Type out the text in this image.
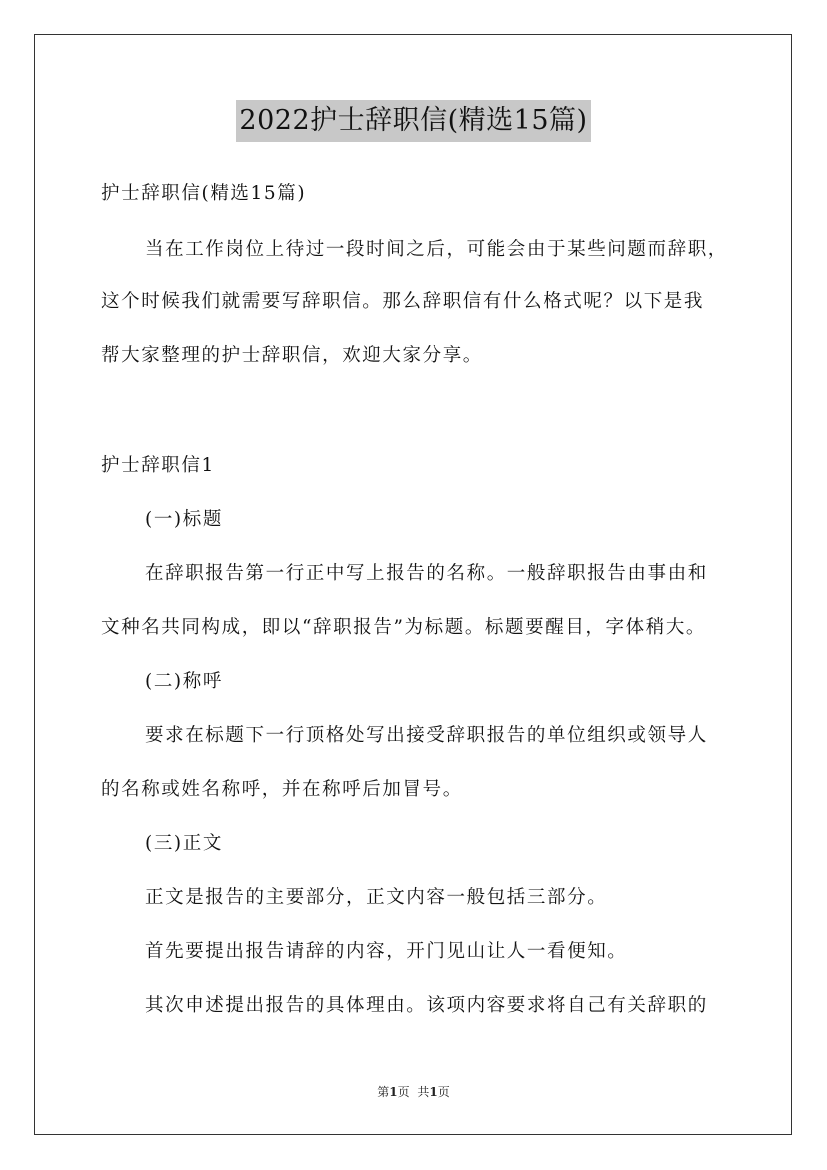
2022护士辞职信(精选15篇)
护士辞职信(精选15篇)
当在工作岗位上待过一段时间之后，可能会由于某些问题而辞职，
这个时候我们就需要写辞职信。那么辞职信有什么格式呢？以下是我
帮大家整理的护士辞职信，欢迎大家分享。
护士辞职信1
(一)标题
在辞职报告第一行正中写上报告的名称。一般辞职报告由事由和
文种名共同构成，即以“辞职报告”为标题。标题要醒目，字体稍大。
(二)称呼
要求在标题下一行顶格处写出接受辞职报告的单位组织或领导人
的名称或姓名称呼，并在称呼后加冒号。
(三)正文
正文是报告的主要部分，正文内容一般包括三部分。
首先要提出报告请辞的内容，开门见山让人一看便知。
其次申述提出报告的具体理由。该项内容要求将自己有关辞职的
第1页 共1页
